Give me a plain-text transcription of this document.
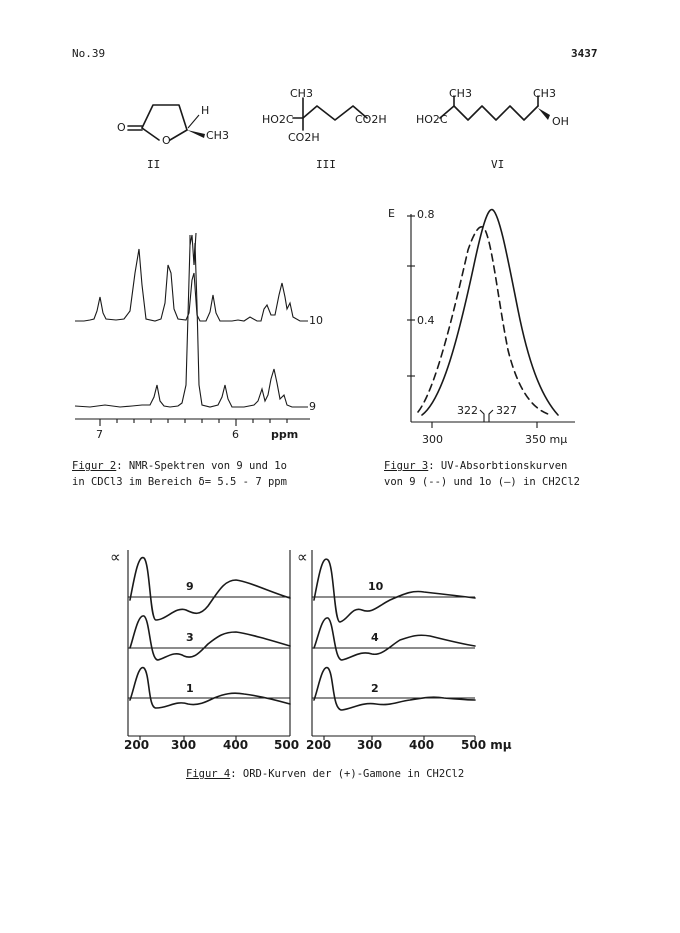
No.39	3437
O
O
H
CH3
II
CH3
HO2C	CO2H
CO2H
III
HO2C
CH3	CH3
OH
VI
10
9
7	6	ppm
Figur 2: NMR-Spektren von 9 und 1o
in CDCl3 im Bereich δ= 5.5 - 7 ppm
E 0.8
0.4
322 327
300	350 mμ
Figur 3: UV-Absorbtionskurven
von 9 (--) und 1o (—) in CH2Cl2
∝	∝
9
3
1
10
4
2
200 300 400 500 200 300 400 500 mμ
Figur 4: ORD-Kurven der (+)-Gamone in CH2Cl2
